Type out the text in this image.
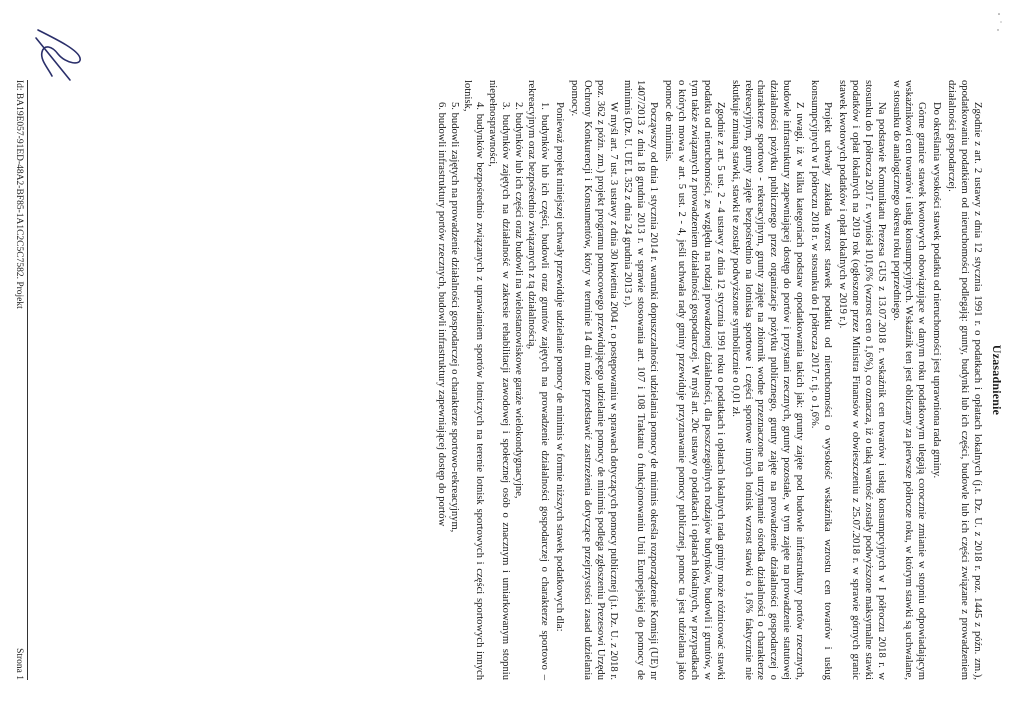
Uzasadnienie

Zgodnie z art. 2 ustawy z dnia 12 stycznia 1991 r. o podatkach i opłatach lokalnych (j.t. Dz. U. z 2018 r. poz. 1445 z późn. zm.), opodatkowaniu podatkiem od nieruchomości podlegają: grunty, budynki lub ich części, budowle lub ich części związane z prowadzeniem działalności gospodarczej.

Do określania wysokości stawek podatku od nieruchomości jest uprawniona rada gminy.

Górne granice stawek kwotowych obowiązujące w danym roku podatkowym ulegają corocznie zmianie w stopniu odpowiadającym wskaźnikowi cen towarów i usług konsumpcyjnych. Wskaźnik ten jest obliczany za pierwsze półrocze roku, w którym stawki są uchwalane, w stosunku do analogicznego okresu roku poprzedniego.

Na podstawie Komunikatu Prezesa GUS z 13.07.2018 r. wskaźnik cen towarów i usług konsumpcyjnych w I półroczu 2018 r. w stosunku do I półrocza 2017 r. wyniósł 101,6% (wzrost cen o 1,6%), co oznacza, iż o taką wartość zostały podwyższone maksymalne stawki podatków i opłat lokalnych na 2019 rok (ogłoszone przez Ministra Finansów w obwieszczeniu z 25.07.2018 r. w sprawie górnych granic stawek kwotowych podatków i opłat lokalnych w 2019 r.).

Projekt uchwały zakłada wzrost stawek podatku od nieruchomości o wysokość wskaźnika wzrostu cen towarów i usług konsumpcyjnych w I półroczu 2018 r. w stosunku do I półrocza 2017 r. tj. o 1,6%.

Z uwagi, iż w kilku kategoriach podstaw opodatkowania takich jak: grunty zajęte pod budowle infrastruktury portów rzecznych, budowle infrastruktury zapewniającej dostęp do portów i przystani rzecznych, grunty pozostałe, w tym zajęte na prowadzenie statutowej działalności pożytku publicznego przez organizacje pożytku publicznego, grunty zajęte na prowadzenie działalności gospodarczej o charakterze sportowo - rekreacyjnym, grunty zajęte na zbiornik wodne przeznaczone na utrzymanie ośrodka działalności o charakterze rekreacyjnym, grunty zajęte bezpośrednio na lotniska sportowe i części sportowe innych lotnisk wzrost stawki o 1,6% faktycznie nie skutkuje zmianą stawki, stawki te zostały podwyższone symbolicznie o 0,01 zł.

Zgodnie z art. 5 ust. 2 - 4 ustawy z dnia 12 stycznia 1991 roku o podatkach i opłatach lokalnych rada gminy może różnicować stawki podatku od nieruchomości, ze względu na rodzaj prowadzonej działalności, dla poszczególnych rodzajów budynków, budowli i gruntów, w tym także związanych z prowadzeniem działalności gospodarczej. W myśl art. 20c ustawy o podatkach i opłatach lokalnych, w przypadkach o których mowa w art. 5 ust. 2 - 4, jeśli uchwała rady gminy przewiduje przyznawanie pomocy publicznej, pomoc ta jest udzielana jako pomoc de minimis.

Począwszy od dnia 1 stycznia 2014 r. warunki dopuszczalności udzielania pomocy de minimis określa rozporządzenie Komisji (UE) nr 1407/2013 z dnia 18 grudnia 2013 r. w sprawie stosowania art. 107 i 108 Traktatu o funkcjonowaniu Unii Europejskiej do pomocy de minimis (Dz. U. UE L 352 z dnia 24 grudnia 2013 r.).

W myśl art. 7 ust. 3 ustawy z dnia 30 kwietnia 2004 r. o postępowaniu w sprawach dotyczących pomocy publicznej (j.t. Dz. U. z 2018 r. poz. 362 z późn. zm.) projekt programu pomocowego przewidującego udzielanie pomocy de minimis podlega zgłoszeniu Prezesowi Urzędu Ochrony Konkurencji i Konsumentów, który w terminie 14 dni może przedstawić zastrzeżenia dotyczące przejrzystości zasad udzielania pomocy.

Ponieważ projekt niniejszej uchwały przewiduje udzielanie pomocy de minimis w formie niższych stawek podatkowych dla:

1. budynków lub ich części, budowli oraz gruntów zajętych na prowadzenie działalności gospodarczej o charakterze sportowo – rekreacyjnym oraz bezpośrednio związanych z tą działalnością,
2. budynków lub ich części oraz budowli na wielostanowiskowe garaże wielokondygnacyjne,
3. budynków zajętych na działalność w zakresie rehabilitacji zawodowej i społecznej osób o znacznym i umiarkowanym stopniu niepełnosprawności,
4. budynków bezpośrednio związanych z uprawianiem sportów lotniczych na terenie lotnisk sportowych i części sportowych innych lotnisk,
5. budowli zajętych na prowadzenie działalności gospodarczej o charakterze sportowo-rekreacyjnym,
6. budowli infrastruktury portów rzecznych, budowli infrastruktury zapewniającej dostęp do portów
Id: BA19E057-91ED-48A2-BF85-1A1C2C5C7582. Projekt
Strona 1
